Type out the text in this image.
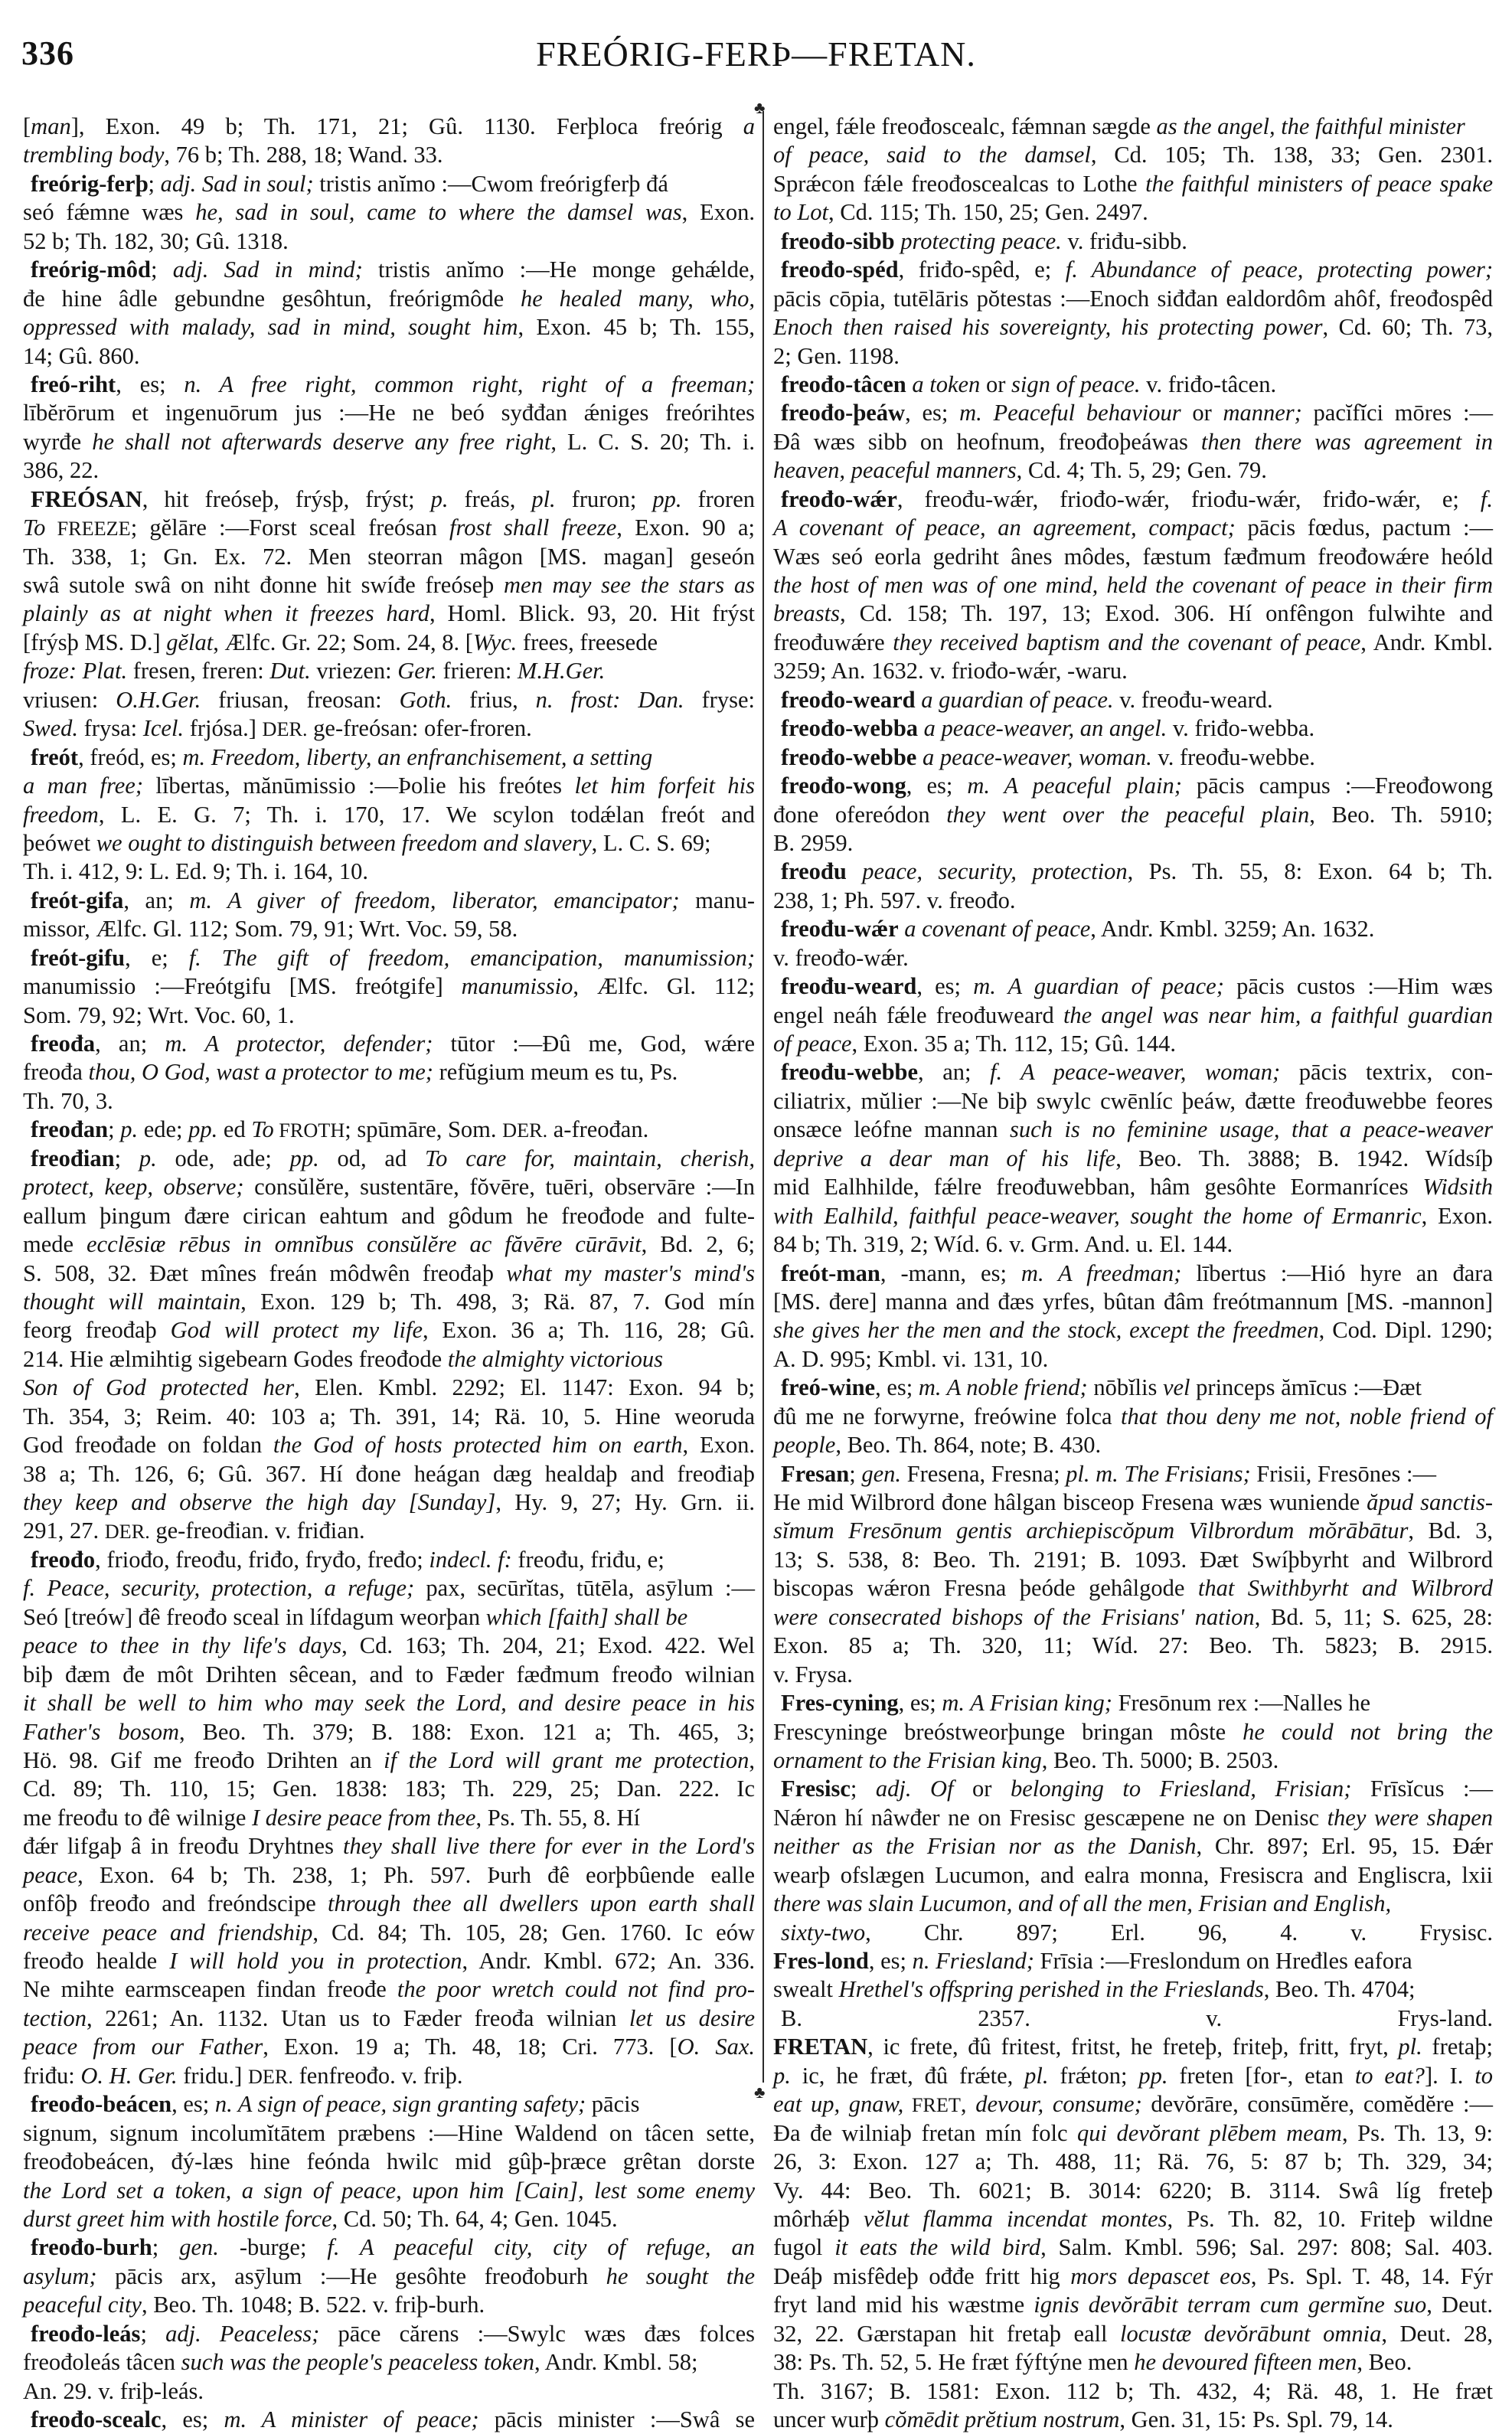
336	FREÓRIG-FERÞ—FRETAN.
♣
♣
[man], Exon. 49 b; Th. 171, 21; Gû. 1130. Ferþloca freórig a
trembling body, 76 b; Th. 288, 18; Wand. 33.
freórig-ferþ; adj. Sad in soul; tristis anĭmo :—Cwom freórigferþ đá
seó fǽmne wæs he, sad in soul, came to where the damsel was, Exon.
52 b; Th. 182, 30; Gû. 1318.
freórig-môd; adj. Sad in mind; tristis anĭmo :—He monge gehǽlde,
đe hine âdle gebundne gesôhtun, freórigmôde he healed many, who,
oppressed with malady, sad in mind, sought him, Exon. 45 b; Th. 155,
14; Gû. 860.
freó-riht, es; n. A free right, common right, right of a freeman;
lībĕrōrum et ingenuōrum jus :—He ne beó syđđan ǽniges freórihtes
wyrđe he shall not afterwards deserve any free right, L. C. S. 20; Th. i.
386, 22.
FREÓSAN, hit freóseþ, frýsþ, frýst; p. freás, pl. fruron; pp. froren
To FREEZE; gĕlāre :—Forst sceal freósan frost shall freeze, Exon. 90 a;
Th. 338, 1; Gn. Ex. 72. Men steorran mâgon [MS. magan] geseón
swâ sutole swâ on niht đonne hit swíđe freóseþ men may see the stars as
plainly as at night when it freezes hard, Homl. Blick. 93, 20. Hit frýst
[frýsþ MS. D.] gĕlat, Ælfc. Gr. 22; Som. 24, 8. [Wyc. frees, freesede
froze: Plat. fresen, freren: Dut. vriezen: Ger. frieren: M.H.Ger.
vriusen: O.H.Ger. friusan, freosan: Goth. frius, n. frost: Dan. fryse:
Swed. frysa: Icel. frjósa.] DER. ge-freósan: ofer-froren.
freót, freód, es; m. Freedom, liberty, an enfranchisement, a setting
a man free; lībertas, mănūmissio :—Þolie his freótes let him forfeit his
freedom, L. E. G. 7; Th. i. 170, 17. We scylon todǽlan freót and
þeówet we ought to distinguish between freedom and slavery, L. C. S. 69;
Th. i. 412, 9: L. Ed. 9; Th. i. 164, 10.
freót-gifa, an; m. A giver of freedom, liberator, emancipator; manu-
missor, Ælfc. Gl. 112; Som. 79, 91; Wrt. Voc. 59, 58.
freót-gifu, e; f. The gift of freedom, emancipation, manumission;
manumissio :—Freótgifu [MS. freótgife] manumissio, Ælfc. Gl. 112;
Som. 79, 92; Wrt. Voc. 60, 1.
freođa, an; m. A protector, defender; tūtor :—Đû me, God, wǽre
freođa thou, O God, wast a protector to me; refŭgium meum es tu, Ps.
Th. 70, 3.
freođan; p. ede; pp. ed To FROTH; spūmāre, Som. DER. a-freođan.
freođian; p. ode, ade; pp. od, ad To care for, maintain, cherish,
protect, keep, observe; consŭlĕre, sustentāre, fŏvēre, tuēri, observāre :—In
eallum þingum đære cirican eahtum and gôdum he freođode and fulte-
mede ecclēsiæ rēbus in omnĭbus consŭlĕre ac făvēre cūrāvit, Bd. 2, 6;
S. 508, 32. Đæt mînes freán môdwên freođaþ what my master's mind's
thought will maintain, Exon. 129 b; Th. 498, 3; Rä. 87, 7. God mín
feorg freođaþ God will protect my life, Exon. 36 a; Th. 116, 28; Gû.
214. Hie ælmihtig sigebearn Godes freođode the almighty victorious
Son of God protected her, Elen. Kmbl. 2292; El. 1147: Exon. 94 b;
Th. 354, 3; Reim. 40: 103 a; Th. 391, 14; Rä. 10, 5. Hine weoruda
God freođade on foldan the God of hosts protected him on earth, Exon.
38 a; Th. 126, 6; Gû. 367. Hí đone heágan dæg healdaþ and freođiaþ
they keep and observe the high day [Sunday], Hy. 9, 27; Hy. Grn. ii.
291, 27. DER. ge-freođian. v. friđian.
freođo, friođo, freođu, friđo, fryđo, fređo; indecl. f: freođu, friđu, e;
f. Peace, security, protection, a refuge; pax, secūrĭtas, tūtēla, asȳlum :—
Seó [treów] đê freođo sceal in lífdagum weorþan which [faith] shall be
peace to thee in thy life's days, Cd. 163; Th. 204, 21; Exod. 422. Wel
biþ đæm đe môt Drihten sêcean, and to Fæder fæđmum freođo wilnian
it shall be well to him who may seek the Lord, and desire peace in his
Father's bosom, Beo. Th. 379; B. 188: Exon. 121 a; Th. 465, 3;
Hö. 98. Gif me freođo Drihten an if the Lord will grant me protection,
Cd. 89; Th. 110, 15; Gen. 1838: 183; Th. 229, 25; Dan. 222. Ic
me freođu to đê wilnige I desire peace from thee, Ps. Th. 55, 8. Hí
đǽr lifgaþ â in freođu Dryhtnes they shall live there for ever in the Lord's
peace, Exon. 64 b; Th. 238, 1; Ph. 597. Þurh đê eorþbûende ealle
onfôþ freođo and freóndscipe through thee all dwellers upon earth shall
receive peace and friendship, Cd. 84; Th. 105, 28; Gen. 1760. Ic eów
freođo healde I will hold you in protection, Andr. Kmbl. 672; An. 336.
Ne mihte earmsceapen findan freođe the poor wretch could not find pro-
tection, 2261; An. 1132. Utan us to Fæder freođa wilnian let us desire
peace from our Father, Exon. 19 a; Th. 48, 18; Cri. 773. [O. Sax.
friđu: O. H. Ger. fridu.] DER. fenfreođo. v. friþ.
freođo-beácen, es; n. A sign of peace, sign granting safety; pācis
signum, signum incolumĭtātem præbens :—Hine Waldend on tâcen sette,
freođobeácen, đý-læs hine feónda hwilc mid gûþ-þræce grêtan dorste
the Lord set a token, a sign of peace, upon him [Cain], lest some enemy
durst greet him with hostile force, Cd. 50; Th. 64, 4; Gen. 1045.
freođo-burh; gen. -burge; f. A peaceful city, city of refuge, an
asylum; pācis arx, asȳlum :—He gesôhte freođoburh he sought the
peaceful city, Beo. Th. 1048; B. 522. v. friþ-burh.
freođo-leás; adj. Peaceless; pāce cărens :—Swylc wæs đæs folces
freođoleás tâcen such was the people's peaceless token, Andr. Kmbl. 58;
An. 29. v. friþ-leás.
freođo-scealc, es; m. A minister of peace; pācis minister :—Swâ se
engel, fǽle freođoscealc, fǽmnan sægde as the angel, the faithful minister
of peace, said to the damsel, Cd. 105; Th. 138, 33; Gen. 2301.
Sprǽcon fǽle freođoscealcas to Lothe the faithful ministers of peace spake
to Lot, Cd. 115; Th. 150, 25; Gen. 2497.
freođo-sibb protecting peace. v. friđu-sibb.
freođo-spéd, friđo-spêd, e; f. Abundance of peace, protecting power;
pācis cōpia, tutēlāris pŏtestas :—Enoch siđđan ealdordôm ahôf, freođospêd
Enoch then raised his sovereignty, his protecting power, Cd. 60; Th. 73,
2; Gen. 1198.
freođo-tâcen a token or sign of peace. v. friđo-tâcen.
freođo-þeáw, es; m. Peaceful behaviour or manner; pacĭfĭci mōres :—
Đâ wæs sibb on heofnum, freođoþeáwas then there was agreement in
heaven, peaceful manners, Cd. 4; Th. 5, 29; Gen. 79.
freođo-wǽr, freođu-wǽr, friođo-wǽr, friođu-wǽr, friđo-wǽr, e; f.
A covenant of peace, an agreement, compact; pācis fœdus, pactum :—
Wæs seó eorla gedriht ânes môdes, fæstum fæđmum freođowǽre heóld
the host of men was of one mind, held the covenant of peace in their firm
breasts, Cd. 158; Th. 197, 13; Exod. 306. Hí onfêngon fulwihte and
freođuwǽre they received baptism and the covenant of peace, Andr. Kmbl.
3259; An. 1632. v. friođo-wǽr, -waru.
freođo-weard a guardian of peace. v. freođu-weard.
freođo-webba a peace-weaver, an angel. v. friđo-webba.
freođo-webbe a peace-weaver, woman. v. freođu-webbe.
freođo-wong, es; m. A peaceful plain; pācis campus :—Freođowong
đone ofereódon they went over the peaceful plain, Beo. Th. 5910;
B. 2959.
freođu peace, security, protection, Ps. Th. 55, 8: Exon. 64 b; Th.
238, 1; Ph. 597. v. freođo.
freođu-wǽr a covenant of peace, Andr. Kmbl. 3259; An. 1632.
v. freođo-wǽr.
freođu-weard, es; m. A guardian of peace; pācis custos :—Him wæs
engel neáh fǽle freođuweard the angel was near him, a faithful guardian
of peace, Exon. 35 a; Th. 112, 15; Gû. 144.
freođu-webbe, an; f. A peace-weaver, woman; pācis textrix, con-
ciliatrix, mŭlier :—Ne biþ swylc cwēnlíc þeáw, đætte freođuwebbe feores
onsæce leófne mannan such is no feminine usage, that a peace-weaver
deprive a dear man of his life, Beo. Th. 3888; B. 1942. Wídsíþ
mid Ealhhilde, fǽlre freođuwebban, hâm gesôhte Eormanríces Widsith
with Ealhild, faithful peace-weaver, sought the home of Ermanric, Exon.
84 b; Th. 319, 2; Wíd. 6. v. Grm. And. u. El. 144.
freót-man, -mann, es; m. A freedman; lībertus :—Hió hyre an đara
[MS. đere] manna and đæs yrfes, bûtan đâm freótmannum [MS. -mannon]
she gives her the men and the stock, except the freedmen, Cod. Dipl. 1290;
A. D. 995; Kmbl. vi. 131, 10.
freó-wine, es; m. A noble friend; nōbĭlis vel princeps ămīcus :—Đæt
đû me ne forwyrne, freówine folca that thou deny me not, noble friend of
people, Beo. Th. 864, note; B. 430.
Fresan; gen. Fresena, Fresna; pl. m. The Frisians; Frisii, Fresōnes :—
He mid Wilbrord đone hâlgan bisceop Fresena wæs wuniende ăpud sanctis-
sĭmum Fresōnum gentis archiepiscŏpum Vilbrordum mŏrābātur, Bd. 3,
13; S. 538, 8: Beo. Th. 2191; B. 1093. Đæt Swíþbyrht and Wilbrord
biscopas wǽron Fresna þeóde gehâlgode that Swithbyrht and Wilbrord
were consecrated bishops of the Frisians' nation, Bd. 5, 11; S. 625, 28:
Exon. 85 a; Th. 320, 11; Wíd. 27: Beo. Th. 5823; B. 2915.
v. Frysa.
Fres-cyning, es; m. A Frisian king; Fresōnum rex :—Nalles he
Frescyninge breóstweorþunge bringan môste he could not bring the
ornament to the Frisian king, Beo. Th. 5000; B. 2503.
Fresisc; adj. Of or belonging to Friesland, Frisian; Frīsĭcus :—
Nǽron hí nâwđer ne on Fresisc gescæpene ne on Denisc they were shapen
neither as the Frisian nor as the Danish, Chr. 897; Erl. 95, 15. Đǽr
wearþ ofslægen Lucumon, and ealra monna, Fresiscra and Engliscra, lxii
there was slain Lucumon, and of all the men, Frisian and English,
sixty-two, Chr. 897; Erl. 96, 4. v. Frysisc.
Fres-lond, es; n. Friesland; Frīsia :—Freslondum on Hređles eafora
swealt Hrethel's offspring perished in the Frieslands, Beo. Th. 4704;
B. 2357. v. Frys-land.
FRETAN, ic frete, đû fritest, fritst, he freteþ, friteþ, fritt, fryt, pl. fretaþ;
p. ic, he fræt, đû frǽte, pl. frǽton; pp. freten [for-, etan to eat?]. I. to
eat up, gnaw, FRET, devour, consume; devŏrāre, consūmĕre, comĕdĕre :—
Đa đe wilniaþ fretan mín folc qui devŏrant plēbem meam, Ps. Th. 13, 9:
26, 3: Exon. 127 a; Th. 488, 11; Rä. 76, 5: 87 b; Th. 329, 34;
Vy. 44: Beo. Th. 6021; B. 3014: 6220; B. 3114. Swâ líg freteþ
môrhǽþ vĕlut flamma incendat montes, Ps. Th. 82, 10. Friteþ wildne
fugol it eats the wild bird, Salm. Kmbl. 596; Sal. 297: 808; Sal. 403.
Deáþ misfêdeþ ođđe fritt hig mors depascet eos, Ps. Spl. T. 48, 14. Fýr
fryt land mid his wæstme ignis devŏrābit terram cum germĭne suo, Deut.
32, 22. Gærstapan hit fretaþ eall locustæ devŏrābunt omnia, Deut. 28,
38: Ps. Th. 52, 5. He fræt fýftýne men he devoured fifteen men, Beo.
Th. 3167; B. 1581: Exon. 112 b; Th. 432, 4; Rä. 48, 1. He fræt
uncer wurþ cŏmēdit prĕtium nostrum, Gen. 31, 15: Ps. Spl. 79, 14.
